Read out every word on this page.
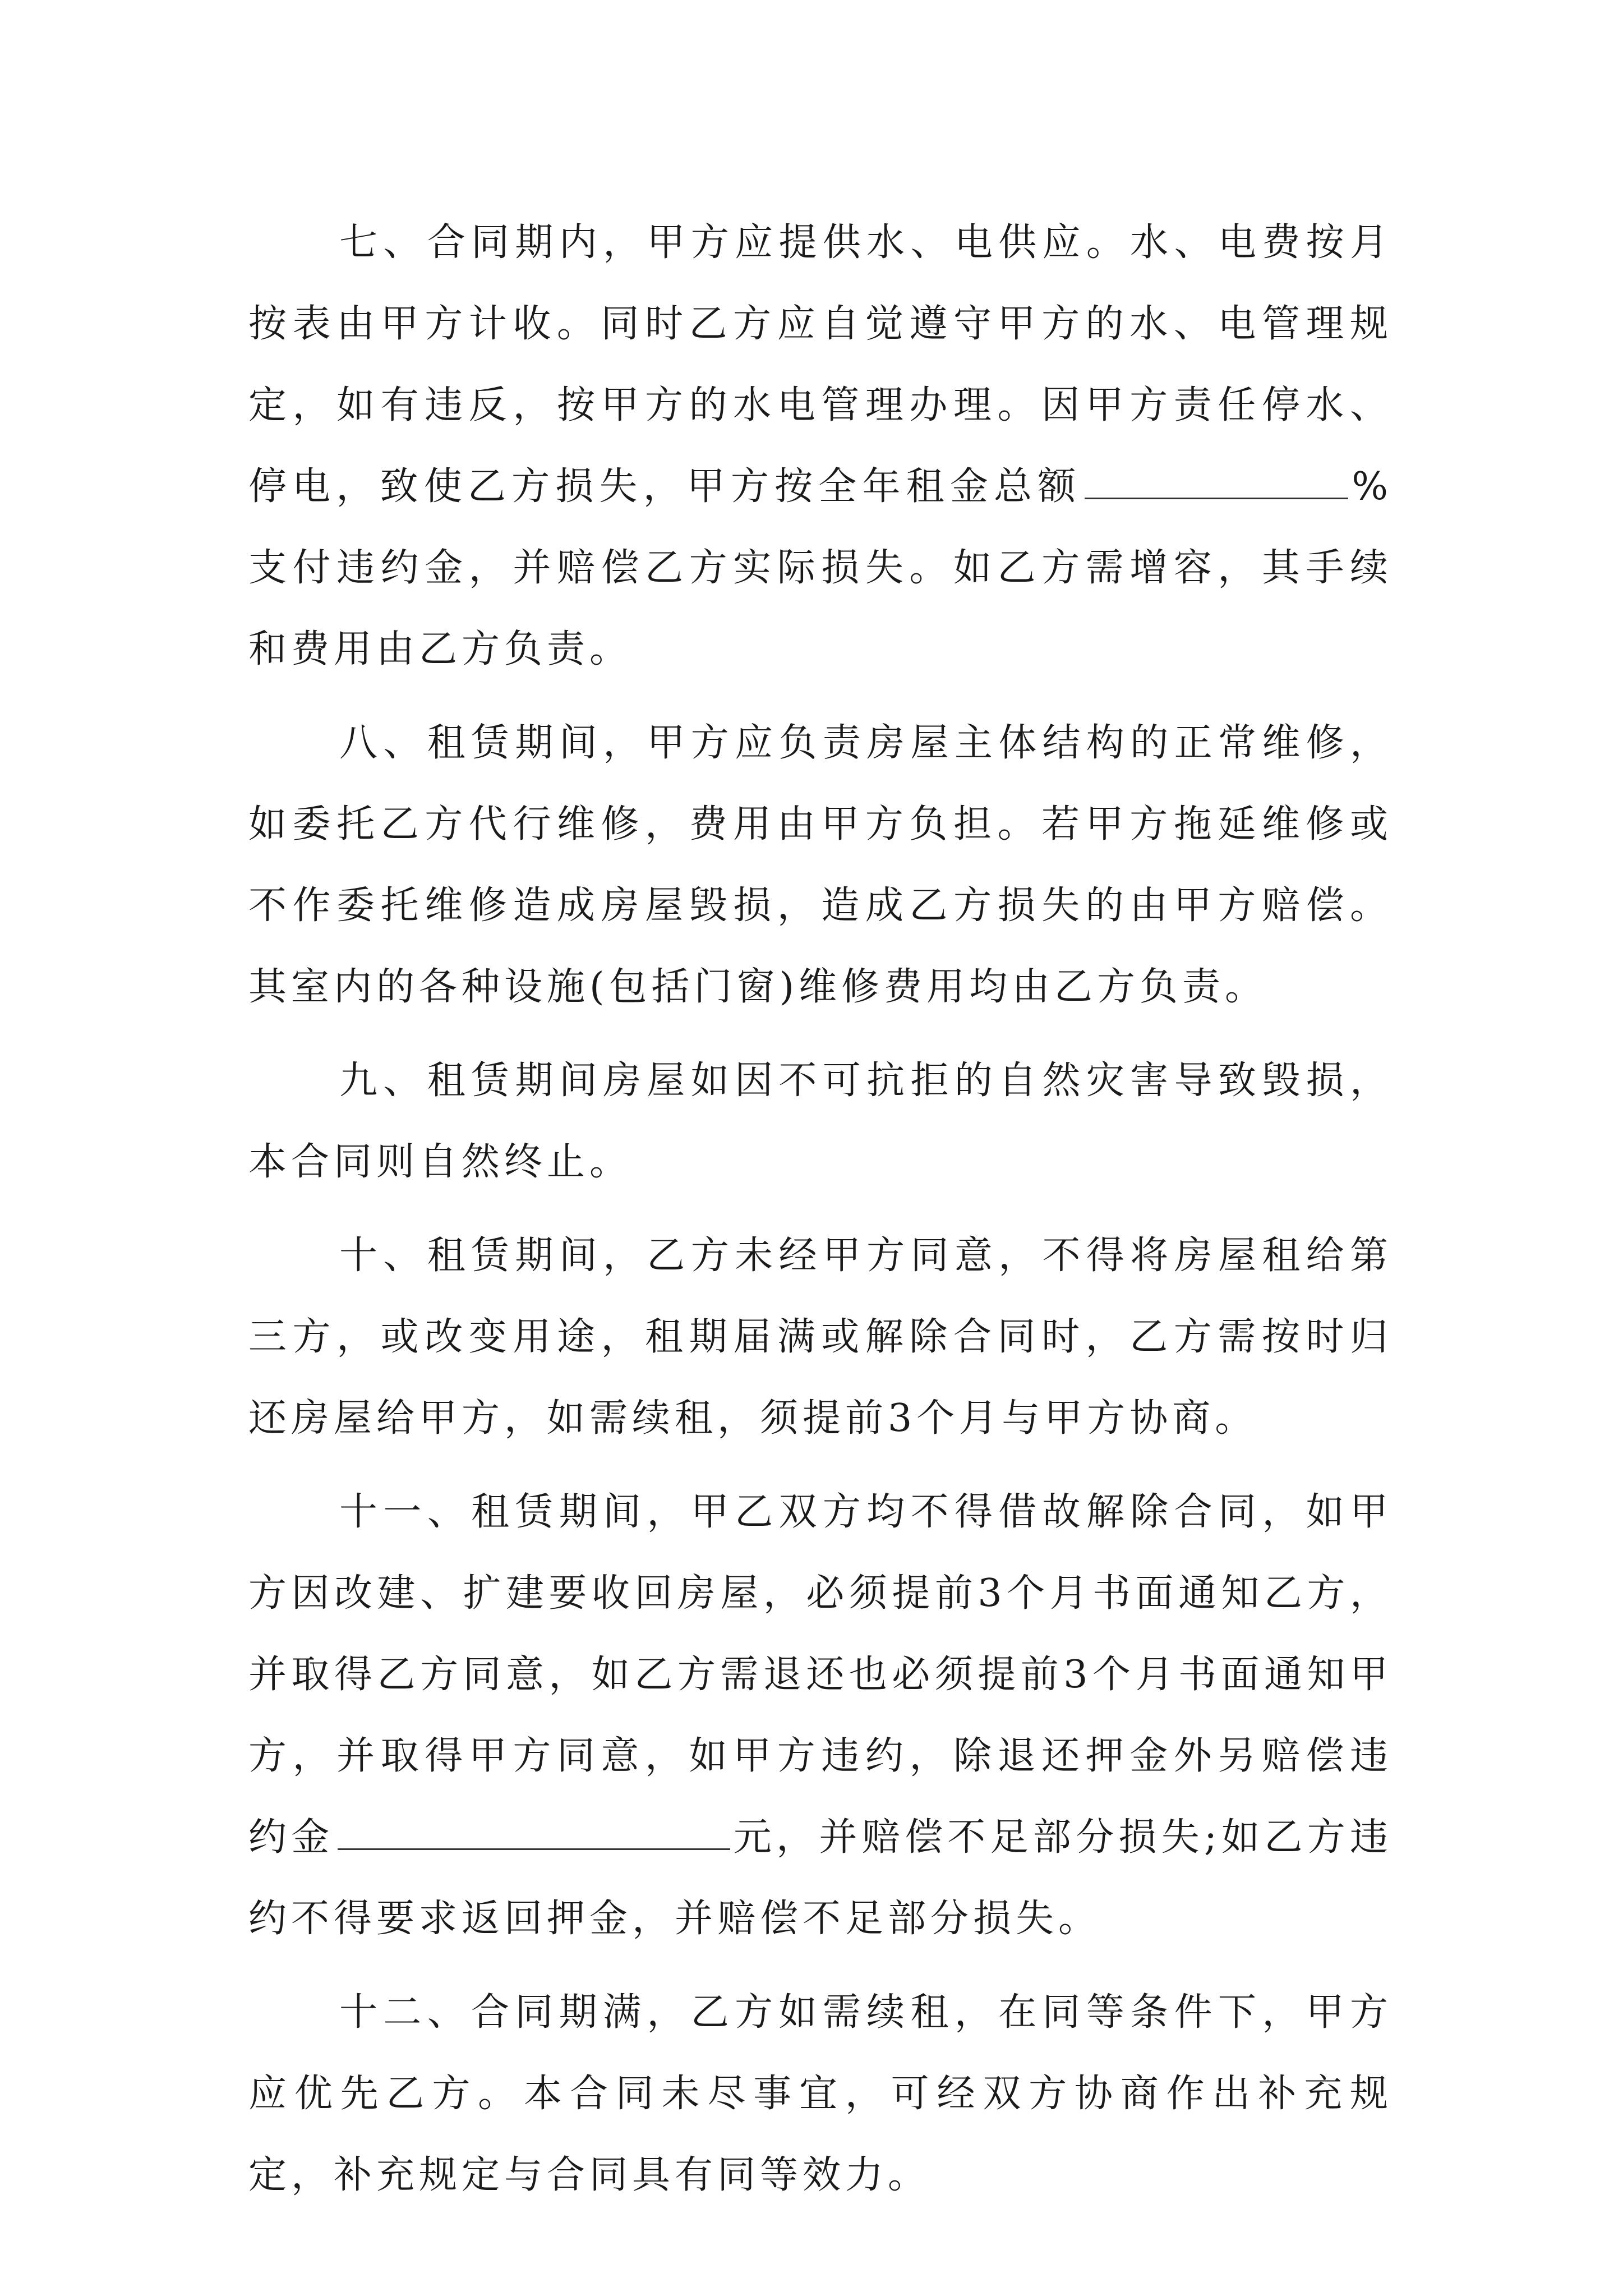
七、合同期内，甲方应提供水、电供应。水、电费按月按表由甲方计收。同时乙方应自觉遵守甲方的水、电管理规定，如有违反，按甲方的水电管理办理。因甲方责任停水、停电，致使乙方损失，甲方按全年租金总额	%支付违约金，并赔偿乙方实际损失。如乙方需增容，其手续和费用由乙方负责。

八、租赁期间，甲方应负责房屋主体结构的正常维修，如委托乙方代行维修，费用由甲方负担。若甲方拖延维修或不作委托维修造成房屋毁损，造成乙方损失的由甲方赔偿。其室内的各种设施(包括门窗)维修费用均由乙方负责。

九、租赁期间房屋如因不可抗拒的自然灾害导致毁损，本合同则自然终止。

十、租赁期间，乙方未经甲方同意，不得将房屋租给第三方，或改变用途，租期届满或解除合同时，乙方需按时归还房屋给甲方，如需续租，须提前3个月与甲方协商。

十一、租赁期间，甲乙双方均不得借故解除合同，如甲方因改建、扩建要收回房屋，必须提前3个月书面通知乙方，并取得乙方同意，如乙方需退还也必须提前3个月书面通知甲方，并取得甲方同意，如甲方违约，除退还押金外另赔偿违约金	元，并赔偿不足部分损失;如乙方违约不得要求返回押金，并赔偿不足部分损失。

十二、合同期满，乙方如需续租，在同等条件下，甲方应优先乙方。本合同未尽事宜，可经双方协商作出补充规定，补充规定与合同具有同等效力。
